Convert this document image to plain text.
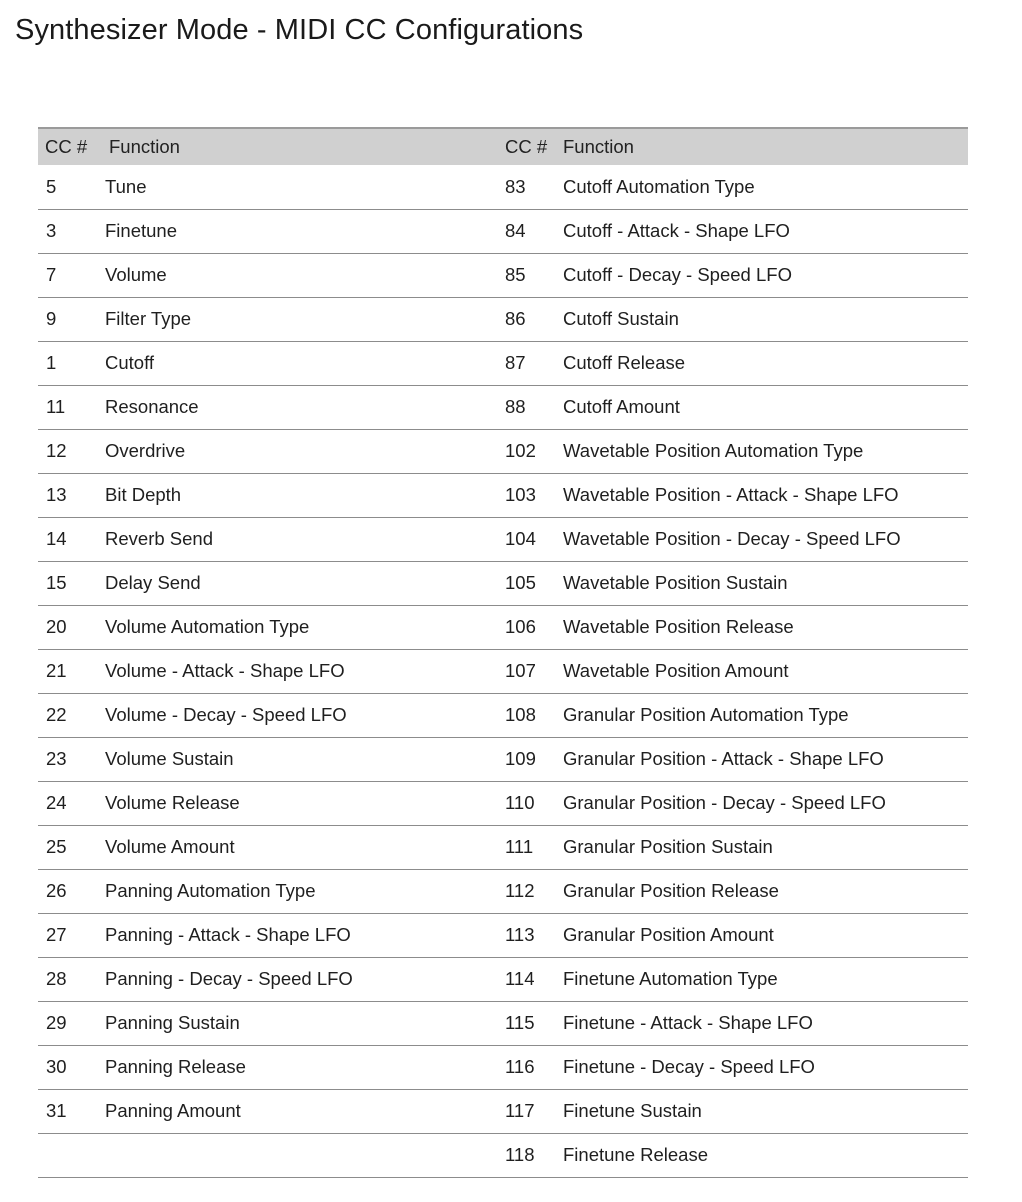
Synthesizer Mode - MIDI CC Configurations
CC #	Function	CC #	Function
5	Tune	83	Cutoff Automation Type
3	Finetune	84	Cutoff - Attack - Shape LFO
7	Volume	85	Cutoff - Decay - Speed LFO
9	Filter Type	86	Cutoff Sustain
1	Cutoff	87	Cutoff Release
11	Resonance	88	Cutoff Amount
12	Overdrive	102	Wavetable Position Automation Type
13	Bit Depth	103	Wavetable Position - Attack - Shape LFO
14	Reverb Send	104	Wavetable Position - Decay - Speed LFO
15	Delay Send	105	Wavetable Position Sustain
20	Volume Automation Type	106	Wavetable Position Release
21	Volume - Attack - Shape LFO	107	Wavetable Position Amount
22	Volume - Decay - Speed LFO	108	Granular Position Automation Type
23	Volume Sustain	109	Granular Position - Attack - Shape LFO
24	Volume Release	110	Granular Position - Decay - Speed LFO
25	Volume Amount	111	Granular Position Sustain
26	Panning Automation Type	112	Granular Position Release
27	Panning - Attack - Shape LFO	113	Granular Position Amount
28	Panning - Decay - Speed LFO	114	Finetune Automation Type
29	Panning Sustain	115	Finetune - Attack - Shape LFO
30	Panning Release	116	Finetune - Decay - Speed LFO
31	Panning Amount	117	Finetune Sustain
		118	Finetune Release
